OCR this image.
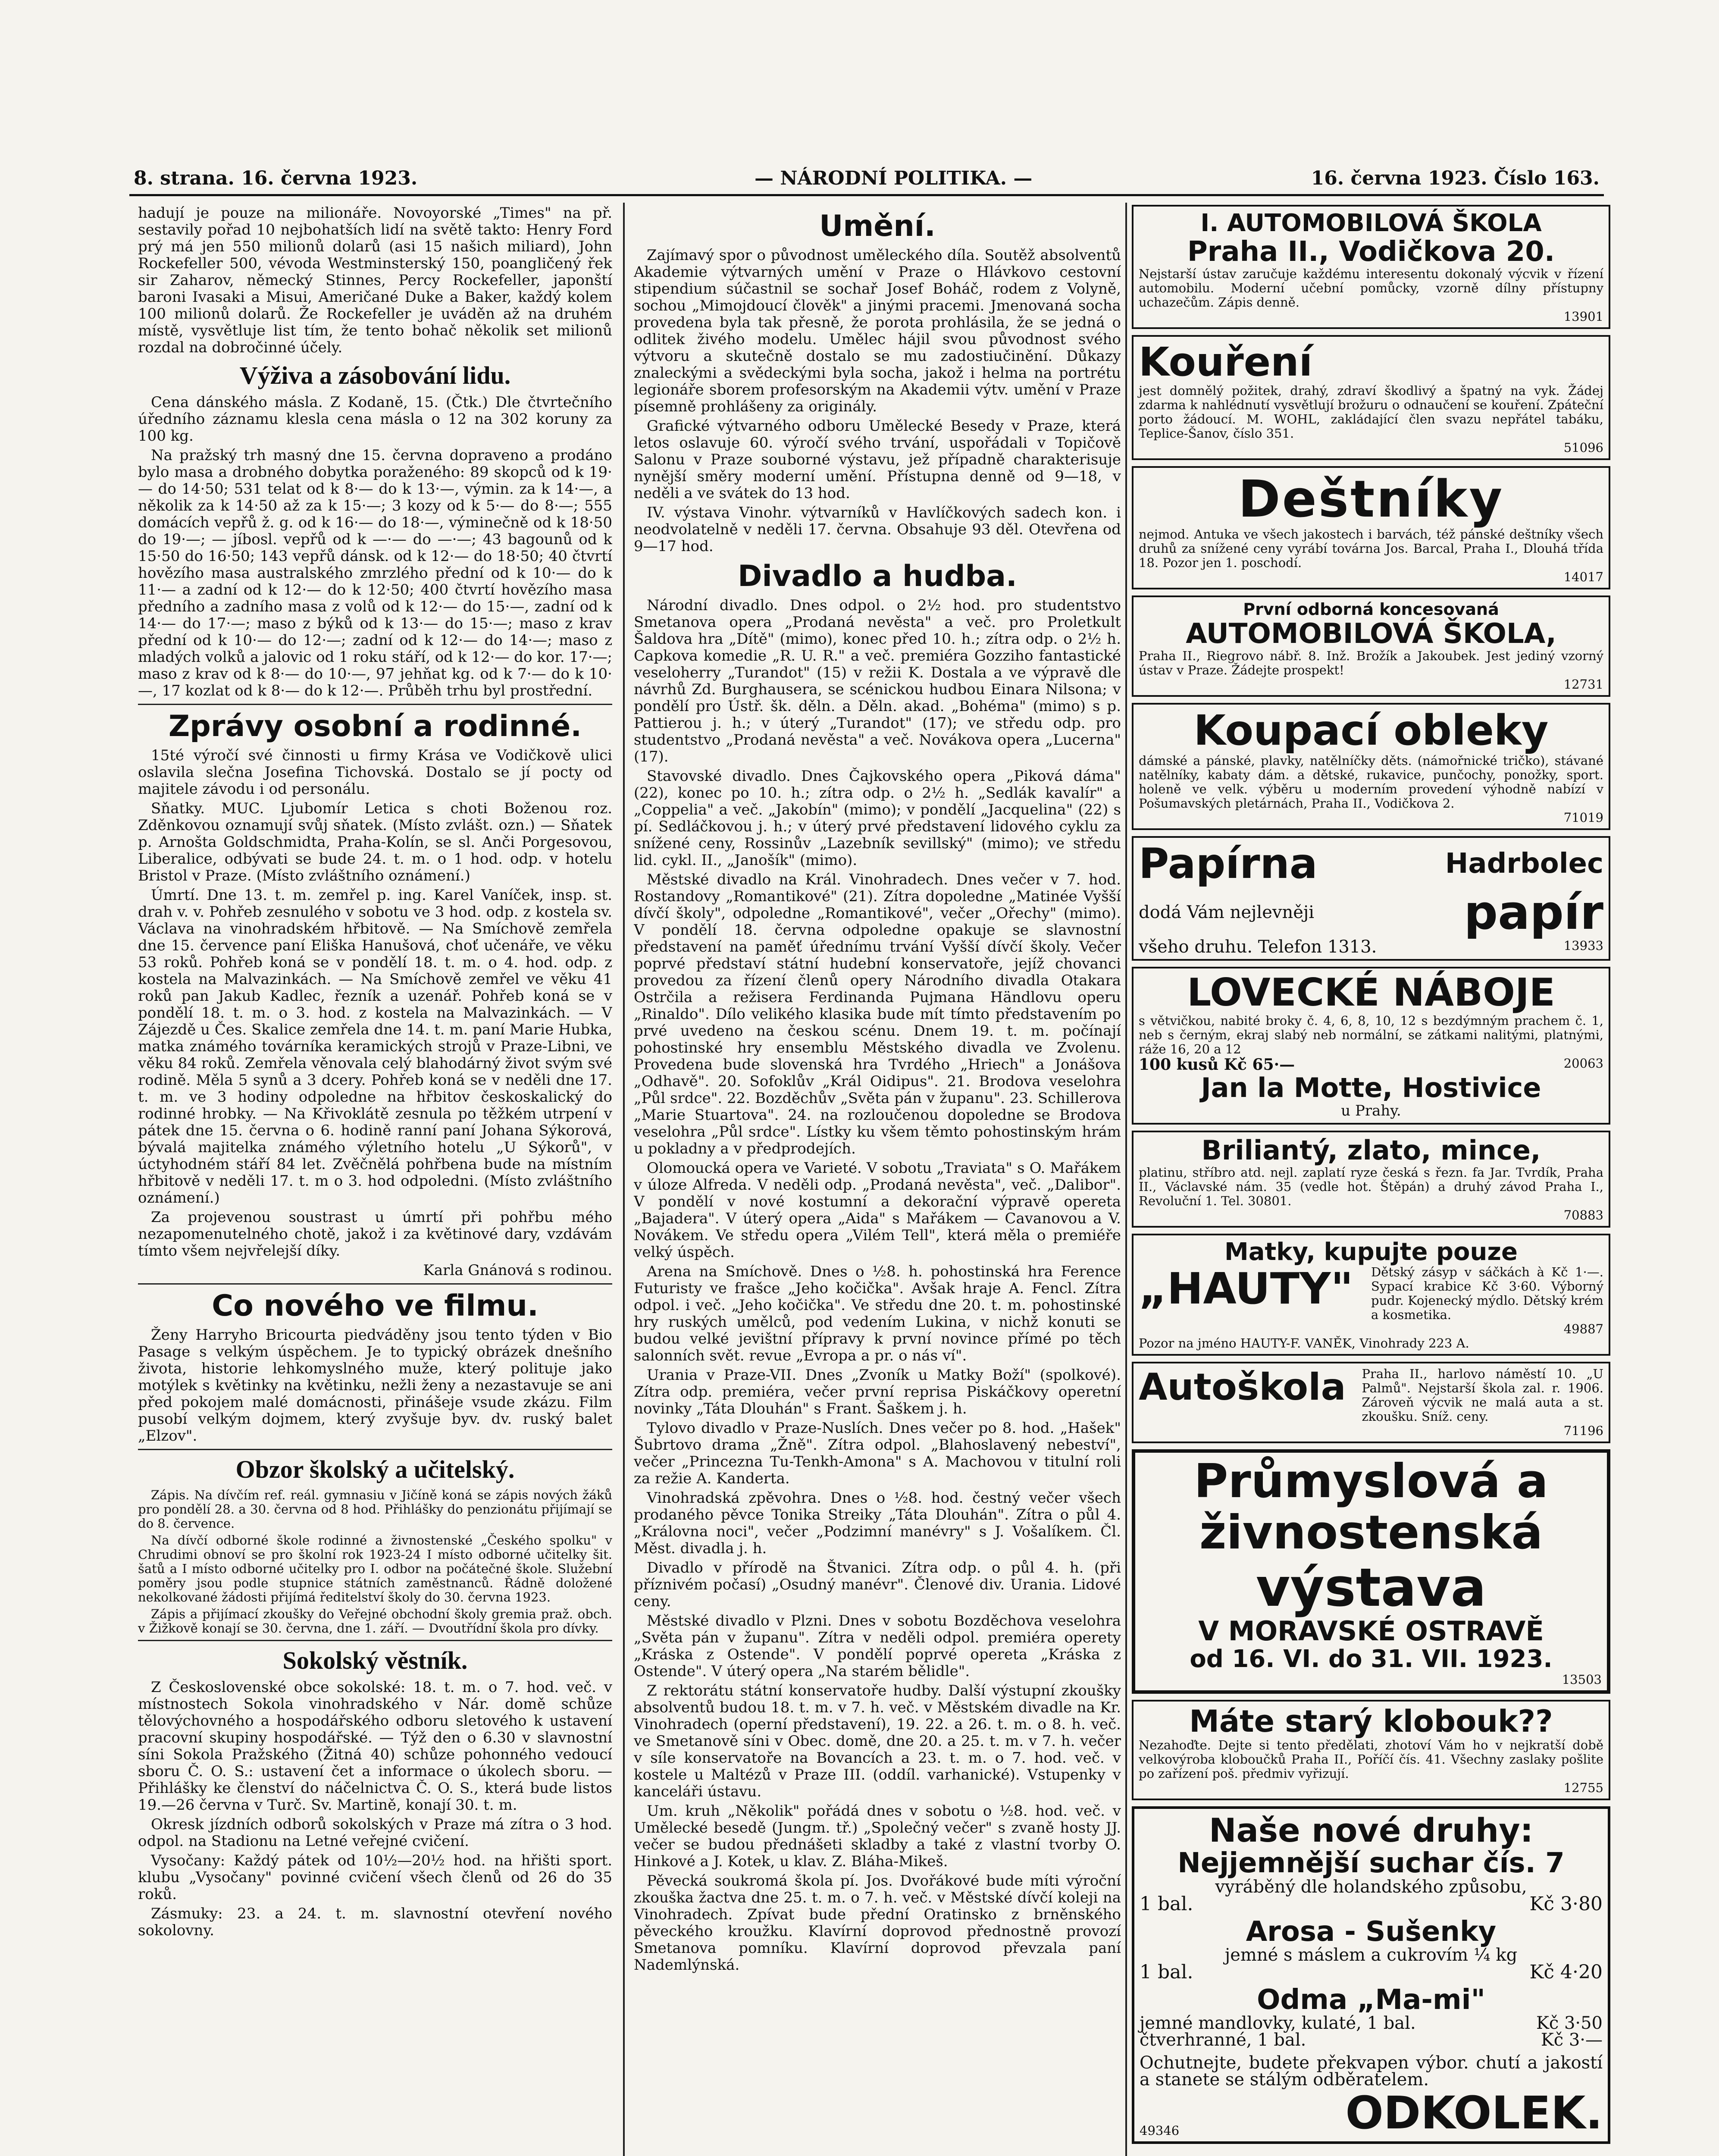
8. strana. 16. června 1923.	— NÁRODNÍ POLITIKA. —	16. června 1923. Číslo 163.

hadují je pouze na milionáře. Novoyorské „Times" na př. sestavily pořad 10 nejbohatších lidí na světě takto: Henry Ford prý má jen 550 milionů dolarů (asi 15 našich miliard), John Rockefeller 500, vévoda Westminsterský 150, poangličený řek sir Zaharov, německý Stinnes, Percy Rockefeller, japonští baroni Ivasaki a Misui, Američané Duke a Baker, každý kolem 100 milionů dolarů. Že Rockefeller je uváděn až na druhém místě, vysvětluje list tím, že tento bohač několik set milionů rozdal na dobročinné účely.

Výživa a zásobování lidu.

Cena dánského másla. Z Kodaně, 15. (Čtk.) Dle čtvrtečního úředního záznamu klesla cena másla o 12 na 302 koruny za 100 kg.

Na pražský trh masný dne 15. června dopraveno a prodáno bylo masa a drobného dobytka poraženého: 89 skopců od k 19·— do 14·50; 531 telat od k 8·— do k 13·—, výmin. za k 14·—, a několik za k 14·50 až za k 15·—; 3 kozy od k 5·— do 8·—; 555 domácích vepřů ž. g. od k 16·— do 18·—, výminečně od k 18·50 do 19·—; — jíbosl. vepřů od k —·— do —·—; 43 bagounů od k 15·50 do 16·50; 143 vepřů dánsk. od k 12·— do 18·50; 40 čtvrtí hovězího masa australského zmrzlého přední od k 10·— do k 11·— a zadní od k 12·— do k 12·50; 400 čtvrtí hovězího masa předního a zadního masa z volů od k 12·— do 15·—, zadní od k 14·— do 17·—; maso z býků od k 13·— do 15·—; maso z krav přední od k 10·— do 12·—; zadní od k 12·— do 14·—; maso z mladých volků a jalovic od 1 roku stáří, od k 12·— do kor. 17·—; maso z krav od k 8·— do 10·—, 97 jehňat kg. od k 7·— do k 10·—, 17 kozlat od k 8·— do k 12·—. Průběh trhu byl prostřední.

Zprávy osobní a rodinné.

15té výročí své činnosti u firmy Krása ve Vodičkově ulici oslavila slečna Josefina Tichovská. Dostalo se jí pocty od majitele závodu i od personálu.

Sňatky. MUC. Ljubomír Letica s choti Boženou roz. Zděnkovou oznamují svůj sňatek. (Místo zvlášt. ozn.) — Sňatek p. Arnošta Goldschmidta, Praha-Kolín, se sl. Anči Porgesovou, Liberalice, odbývati se bude 24. t. m. o 1 hod. odp. v hotelu Bristol v Praze. (Místo zvláštního oznámení.)

Úmrtí. Dne 13. t. m. zemřel p. ing. Karel Vaníček, insp. st. drah v. v. Pohřeb zesnulého v sobotu ve 3 hod. odp. z kostela sv. Václava na vinohradském hřbitově. — Na Smíchově zemřela dne 15. července paní Eliška Hanušová, choť učenáře, ve věku 53 roků. Pohřeb koná se v pondělí 18. t. m. o 4. hod. odp. z kostela na Malvazinkách. — Na Smíchově zemřel ve věku 41 roků pan Jakub Kadlec, řezník a uzenář. Pohřeb koná se v pondělí 18. t. m. o 3. hod. z kostela na Malvazinkách. — V Zájezdě u Čes. Skalice zemřela dne 14. t. m. paní Marie Hubka, matka známého továrníka keramických strojů v Praze-Libni, ve věku 84 roků. Zemřela věnovala celý blahodárný život svým své rodině. Měla 5 synů a 3 dcery. Pohřeb koná se v neděli dne 17. t. m. ve 3 hodiny odpoledne na hřbitov českoskalický do rodinné hrobky. — Na Křivoklátě zesnula po těžkém utrpení v pátek dne 15. června o 6. hodině ranní paní Johana Sýkorová, bývalá majitelka známého výletního hotelu „U Sýkorů", v úctyhodném stáří 84 let. Zvěčnělá pohřbena bude na místním hřbitově v neděli 17. t. m o 3. hod odpoledni. (Místo zvláštního oznámení.)

Za projevenou soustrast u úmrtí při pohřbu mého nezapomenutelného chotě, jakož i za květinové dary, vzdávám tímto všem nejvřelejší díky.

Karla Gnánová s rodinou.

Co nového ve filmu.

Ženy Harryho Bricourta piedváděny jsou tento týden v Bio Pasage s velkým úspěchem. Je to typický obrázek dnešního života, historie lehkomyslného muže, který polituje jako motýlek s květinky na květinku, nežli ženy a nezastavuje se ani před pokojem malé domácnosti, přinášeje vsude zkázu. Film pusobí velkým dojmem, který zvyšuje byv. dv. ruský balet „Elzov".

Obzor školský a učitelský.

Zápis. Na dívčím ref. reál. gymnasiu v Jičíně koná se zápis nových žáků pro pondělí 28. a 30. června od 8 hod. Přihlášky do penzionátu přijímají se do 8. července.

Na dívčí odborné škole rodinné a živnostenské „Českého spolku" v Chrudimi obnoví se pro školní rok 1923-24 I místo odborné učitelky šit. šatů a I místo odborné učitelky pro I. odbor na počátečné škole. Služební poměry jsou podle stupnice státních zaměstnanců. Řádně doložené nekolkované žádosti přijímá ředitelství školy do 30. června 1923.

Zápis a přijímací zkoušky do Veřejné obchodní školy gremia praž. obch. v Žižkově konají se 30. června, dne 1. září. — Dvoutřídní škola pro dívky.

Sokolský věstník.

Z Československé obce sokolské: 18. t. m. o 7. hod. več. v místnostech Sokola vinohradského v Nár. domě schůze tělovýchovného a hospodářského odboru sletového k ustavení pracovní skupiny hospodářské. — Týž den o 6.30 v slavnostní síni Sokola Pražského (Žitná 40) schůze pohonného vedoucí sboru Č. O. S.: ustavení čet a informace o úkolech sboru. — Přihlášky ke členství do náčelnictva Č. O. S., která bude listos 19.—26 června v Turč. Sv. Martině, konají 30. t. m.

Okresk jízdních odborů sokolských v Praze má zítra o 3 hod. odpol. na Stadionu na Letné veřejné cvičení.

Vysočany: Každý pátek od 10½—20½ hod. na hřišti sport. klubu „Vysočany" povinné cvičení všech členů od 26 do 35 roků.

Zásmuky: 23. a 24. t. m. slavnostní otevření nového sokolovny.

Umění.

Zajímavý spor o původnost uměleckého díla. Soutěž absolventů Akademie výtvarných umění v Praze o Hlávkovo cestovní stipendium súčastnil se sochař Josef Boháč, rodem z Volyně, sochou „Mimojdoucí člověk" a jinými pracemi. Jmenovaná socha provedena byla tak přesně, že porota prohlásila, že se jedná o odlitek živého modelu. Umělec hájil svou původnost svého výtvoru a skutečně dostalo se mu zadostiučinění. Důkazy znaleckými a svědeckými byla socha, jakož i helma na portrétu legionáře sborem profesorským na Akademii výtv. umění v Praze písemně prohlášeny za originály.

Grafické výtvarného odboru Umělecké Besedy v Praze, která letos oslavuje 60. výročí svého trvání, uspořádali v Topičově Salonu v Praze souborné výstavu, jež případně charakterisuje nynější směry moderní umění. Přístupna denně od 9—18, v neděli a ve svátek do 13 hod.

IV. výstava Vinohr. výtvarníků v Havlíčkových sadech kon. i neodvolatelně v neděli 17. června. Obsahuje 93 děl. Otevřena od 9—17 hod.

Divadlo a hudba.

Národní divadlo. Dnes odpol. o 2½ hod. pro studentstvo Smetanova opera „Prodaná nevěsta" a več. pro Proletkult Šaldova hra „Dítě" (mimo), konec před 10. h.; zítra odp. o 2½ h. Capkova komedie „R. U. R." a več. premiéra Gozziho fantastické veseloherry „Turandot" (15) v režii K. Dostala a ve výpravě dle návrhů Zd. Burghausera, se scénickou hudbou Einara Nilsona; v pondělí pro Ústř. šk. děln. a Děln. akad. „Bohéma" (mimo) s p. Pattierou j. h.; v úterý „Turandot" (17); ve středu odp. pro studentstvo „Prodaná nevěsta" a več. Novákova opera „Lucerna" (17).

Stavovské divadlo. Dnes Čajkovského opera „Piková dáma" (22), konec po 10. h.; zítra odp. o 2½ h. „Sedlák kavalír" a „Coppelia" a več. „Jakobín" (mimo); v pondělí „Jacquelina" (22) s pí. Sedláčkovou j. h.; v úterý prvé představení lidového cyklu za snížené ceny, Rossinův „Lazebník sevillský" (mimo); ve středu lid. cykl. II., „Janošík" (mimo).

Městské divadlo na Král. Vinohradech. Dnes večer v 7. hod. Rostandovy „Romantikové" (21). Zítra dopoledne „Matinée Vyšší dívčí školy", odpoledne „Romantikové", večer „Ořechy" (mimo). V pondělí 18. června odpoledne opakuje se slavnostní představení na paměť úřednímu trvání Vyšší dívčí školy. Večer poprvé představí státní hudební konservatoře, jejíž chovanci provedou za řízení členů opery Národního divadla Otakara Ostrčila a režisera Ferdinanda Pujmana Händlovu operu „Rinaldo". Dílo velikého klasika bude mít tímto představením po prvé uvedeno na českou scénu. Dnem 19. t. m. počínají pohostinské hry ensemblu Městského divadla ve Zvolenu. Provedena bude slovenská hra Tvrdého „Hriech" a Jonášova „Odhavě". 20. Sofoklův „Král Oidipus". 21. Brodova veselohra „Půl srdce". 22. Bozděchův „Světa pán v županu". 23. Schillerova „Marie Stuartova". 24. na rozloučenou dopoledne se Brodova veselohra „Půl srdce". Lístky ku všem těmto pohostinským hrám u pokladny a v předprodejích.

Olomoucká opera ve Varieté. V sobotu „Traviata" s O. Mařákem v úloze Alfreda. V neděli odp. „Prodaná nevěsta", več. „Dalibor". V pondělí v nové kostumní a dekorační výpravě opereta „Bajadera". V úterý opera „Aida" s Mařákem — Cavanovou a V. Novákem. Ve středu opera „Vilém Tell", která měla o premiéře velký úspěch.

Arena na Smíchově. Dnes o ½8. h. pohostinská hra Ference Futuristy ve frašce „Jeho kočička". Avšak hraje A. Fencl. Zítra odpol. i več. „Jeho kočička". Ve středu dne 20. t. m. pohostinské hry ruských umělců, pod vedením Lukina, v nichž konuti se budou velké jevištní přípravy k první novince přímé po těch salonních svět. revue „Evropa a pr. o nás ví".

Urania v Praze-VII. Dnes „Zvoník u Matky Boží" (spolkové). Zítra odp. premiéra, večer první reprisa Piskáčkovy operetní novinky „Táta Dlouhán" s Frant. Šaškem j. h.

Tylovo divadlo v Praze-Nuslích. Dnes večer po 8. hod. „Hašek" Šubrtovo drama „Žně". Zítra odpol. „Blahoslavený nebeství", večer „Princezna Tu-Tenkh-Amona" s A. Machovou v titulní roli za režie A. Kanderta.

Vinohradská zpěvohra. Dnes o ½8. hod. čestný večer všech prodaného pěvce Tonika Streiky „Táta Dlouhán". Zítra o půl 4. „Královna noci", večer „Podzimní manévry" s J. Vošalíkem. Čl. Měst. divadla j. h.

Divadlo v přírodě na Štvanici. Zítra odp. o půl 4. h. (při příznivém počasí) „Osudný manévr". Členové div. Urania. Lidové ceny.

Městské divadlo v Plzni. Dnes v sobotu Bozděchova veselohra „Světa pán v županu". Zítra v neděli odpol. premiéra operety „Kráska z Ostende". V pondělí poprvé opereta „Kráska z Ostende". V úterý opera „Na starém bělidle".

Z rektorátu státní konservatoře hudby. Další výstupní zkoušky absolventů budou 18. t. m. v 7. h. več. v Městském divadle na Kr. Vinohradech (operní představení), 19. 22. a 26. t. m. o 8. h. več. ve Smetanově síni v Obec. domě, dne 20. a 25. t. m. v 7. h. večer v síle konservatoře na Bovancích a 23. t. m. o 7. hod. več. v kostele u Maltézů v Praze III. (oddíl. varhanické). Vstupenky v kanceláři ústavu.

Um. kruh „Několik" pořádá dnes v sobotu o ½8. hod. več. v Umělecké besedě (Jungm. tř.) „Společný večer" s zvaně hosty JJ. večer se budou přednášeti skladby a také z vlastní tvorby O. Hinkové a J. Kotek, u klav. Z. Bláha-Mikeš.

Pěvecká soukromá škola pí. Jos. Dvořákové bude míti výroční zkouška žactva dne 25. t. m. o 7. h. več. v Městské dívčí koleji na Vinohradech. Zpívat bude přední Oratinsko z brněnského pěveckého kroužku. Klavírní doprovod přednostně provozí Smetanova pomníku. Klavírní doprovod převzala paní Nademlýnská.

I. AUTOMOBILOVÁ ŠKOLA

Praha II., Vodičkova 20.

Nejstarší ústav zaručuje každému interesentu dokonalý výcvik v řízení automobilu. Moderní učební pomůcky, vzorně dílny přístupny uchazečům. Zápis denně.

13901

Kouření

jest domnělý požitek, drahý, zdraví škodlivý a špatný na vyk. Žádej zdarma k nahlédnutí vysvětlují brožuru o odnaučení se kouření. Zpáteční porto žádoucí. M. WOHL, zakládající člen svazu nepřátel tabáku, Teplice-Šanov, číslo 351.

51096

Deštníky

nejmod. Antuka ve všech jakostech i barvách, též pánské deštníky všech druhů za snížené ceny vyrábí továrna Jos. Barcal, Praha I., Dlouhá třída 18. Pozor jen 1. poschodí.

14017

První odborná koncesovaná

AUTOMOBILOVÁ ŠKOLA,

Praha II., Riegrovo nábř. 8. Inž. Brožík a Jakoubek. Jest jediný vzorný ústav v Praze. Žádejte prospekt!

12731

Koupací obleky

dámské a pánské, plavky, natělníčky děts. (námořnické tričko), stávané natělníky, kabaty dám. a dětské, rukavice, punčochy, ponožky, sport. holeně ve velk. výběru u moderním provedení výhodně nabízí v Pošumavských pletárnách, Praha II., Vodičkova 2.

71019

Papírna	Hadrbolec
dodá Vám nejlevněji	papír
všeho druhu. Telefon 1313.	13933

LOVECKÉ NÁBOJE

s větvičkou, nabité broky č. 4, 6, 8, 10, 12 s bezdýmným prachem č. 1, neb s černým, ekraj slabý neb normální, se zátkami nalitými, platnými, ráže 16, 20 a 12

100 kusů Kč 65·—	20063

Jan la Motte, Hostivice

u Prahy.

Briliantý, zlato, mince,

platinu, stříbro atd. nejl. zaplatí ryze česká s řezn. fa Jar. Tvrdík, Praha II., Václavské nám. 35 (vedle hot. Štěpán) a druhý závod Praha I., Revoluční 1. Tel. 30801.

70883

Matky, kupujte pouze

„HAUTY"	Dětský zásyp v sáčkách à Kč 1·—. Sypací krabice Kč 3·60. Výborný pudr. Kojenecký mýdlo. Dětský krém a kosmetika.

49887

Pozor na jméno HAUTY-F. VANĚK, Vinohrady 223 A.

Autoškola	Praha II., harlovo náměstí 10. „U Palmů". Nejstarší škola zal. r. 1906. Zároveň výcvik ne malá auta a st. zkoušku. Sníž. ceny.

71196

Průmyslová a

živnostenská

výstava

V MORAVSKÉ OSTRAVĚ

od 16. VI. do 31. VII. 1923.

13503

Máte starý klobouk??

Nezahoďte. Dejte si tento předělati, zhotoví Vám ho v nejkratší době velkovýroba kloboučků Praha II., Poříčí čís. 41. Všechny zaslaky pošlite po zařízení poš. předmiv vyřizují.

12755

Naše nové druhy:

Nejjemnější suchar čís. 7

vyráběný dle holandského způsobu,

1 bal.	Kč 3·80

Arosa - Sušenky

jemné s máslem a cukrovím ¼ kg

1 bal.	Kč 4·20

Odma „Ma-mi"

jemné mandlovky, kulaté, 1 bal.	Kč 3·50
čtverhranné, 1 bal.	Kč 3·—

Ochutnejte, budete překvapen výbor. chutí a jakostí a stanete se stálým odběratelem.

49346	ODKOLEK.
